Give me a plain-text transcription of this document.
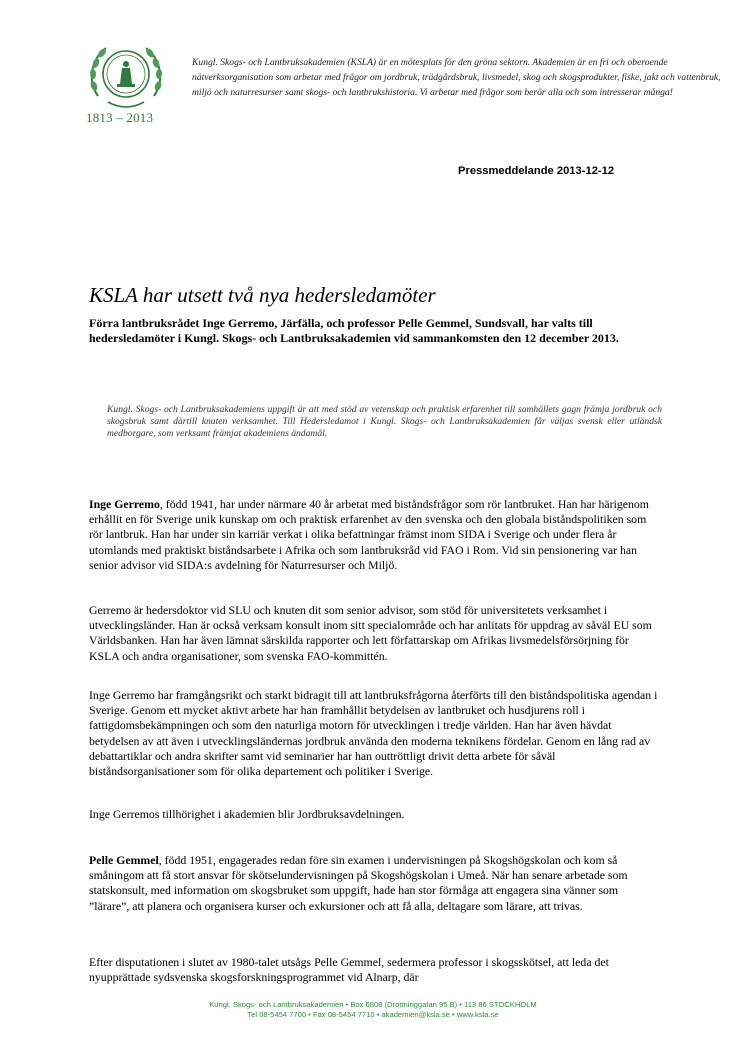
1813 – 2013
Kungl. Skogs- och Lantbruksakademien (KSLA) är en mötesplats för den gröna sektorn. Akademien är en fri och oberoende nätverksorganisation som arbetar med frågor om jordbruk, trädgårdsbruk, livsmedel, skog och skogsprodukter, fiske, jakt och vattenbruk, miljö och naturresurser samt skogs- och lantbrukshistoria. Vi arbetar med frågor som berör alla och som intresserar många!
Pressmeddelande 2013-12-12
KSLA har utsett två nya hedersledamöter
Förra lantbruksrådet Inge Gerremo, Järfälla, och professor Pelle Gemmel, Sundsvall, har valts till hedersledamöter i Kungl. Skogs- och Lantbruksakademien vid sammankomsten den 12 december 2013.
Kungl. Skogs- och Lantbruksakademiens uppgift är att med stöd av vetenskap och praktisk erfarenhet till samhällets gagn främja jordbruk och skogsbruk samt därtill knuten verksamhet. Till Hedersledamot i Kungl. Skogs- och Lantbruksakademien får väljas svensk eller utländsk medborgare, som verksamt främjat akademiens ändamål.

Inge Gerremo, född 1941, har under närmare 40 år arbetat med biståndsfrågor som rör lantbruket. Han har härigenom erhållit en för Sverige unik kunskap om och praktisk erfarenhet av den svenska och den globala biståndspolitiken som rör lantbruk. Han har under sin karriär verkat i olika befattningar främst inom SIDA i Sverige och under flera år utomlands med praktiskt biståndsarbete i Afrika och som lantbruksråd vid FAO i Rom. Vid sin pensionering var han senior advisor vid SIDA:s avdelning för Naturresurser och Miljö.

Gerremo är hedersdoktor vid SLU och knuten dit som senior advisor, som stöd för universitetets verksamhet i utvecklingsländer. Han är också verksam konsult inom sitt specialområde och har anlitats för uppdrag av såväl EU som Världsbanken. Han har även lämnat särskilda rapporter och lett författarskap om Afrikas livsmedelsförsörjning för KSLA och andra organisationer, som svenska FAO-kommittén.

Inge Gerremo har framgångsrikt och starkt bidragit till att lantbruksfrågorna återförts till den biståndspolitiska agendan i Sverige. Genom ett mycket aktivt arbete har han framhållit betydelsen av lantbruket och husdjurens roll i fattigdomsbekämpningen och som den naturliga motorn för utvecklingen i tredje världen. Han har även hävdat betydelsen av att även i utvecklingsländernas jordbruk använda den moderna teknikens fördelar. Genom en lång rad av debattartiklar och andra skrifter samt vid seminarier har han outtröttligt drivit detta arbete för såväl biståndsorganisationer som för olika departement och politiker i Sverige.

Inge Gerremos tillhörighet i akademien blir Jordbruksavdelningen.

Pelle Gemmel, född 1951, engagerades redan före sin examen i undervisningen på Skogshögskolan och kom så småningom att få stort ansvar för skötselundervisningen på Skogshögskolan i Umeå. När han senare arbetade som statskonsult, med information om skogsbruket som uppgift, hade han stor förmåga att engagera sina vänner som ”lärare”, att planera och organisera kurser och exkursioner och att få alla, deltagare som lärare, att trivas.

Efter disputationen i slutet av 1980-talet utsågs Pelle Gemmel, sedermera professor i skogsskötsel, att leda det nyupprättade sydsvenska skogsforskningsprogrammet vid Alnarp, där

Kungl. Skogs- och Lantbruksakademien • Box 6808 (Drottninggatan 95 B) • 113 86 STOCKHOLM
Tel 08-5454 7700 • Fax 08-5454 7710 • akademien@ksla.se • www.ksla.se
